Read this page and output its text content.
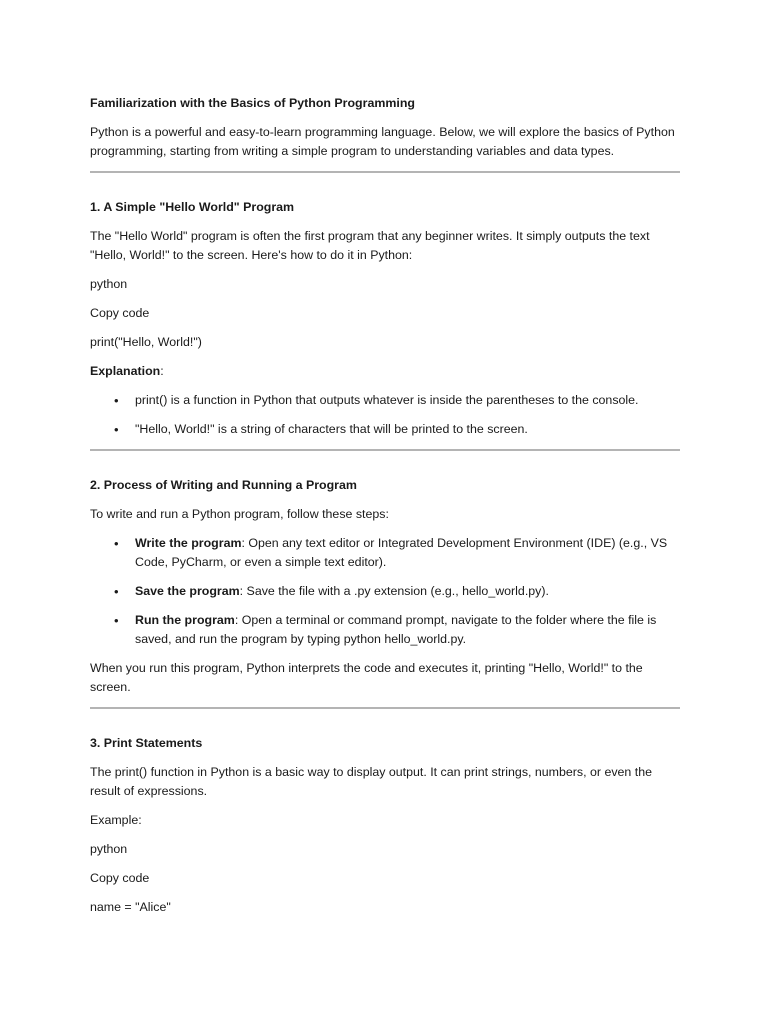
Familiarization with the Basics of Python Programming

Python is a powerful and easy-to-learn programming language. Below, we will explore the basics of Python programming, starting from writing a simple program to understanding variables and data types.

1. A Simple "Hello World" Program

The "Hello World" program is often the first program that any beginner writes. It simply outputs the text "Hello, World!" to the screen. Here's how to do it in Python:

python

Copy code

print("Hello, World!")

Explanation:

• print() is a function in Python that outputs whatever is inside the parentheses to the console.
• "Hello, World!" is a string of characters that will be printed to the screen.
2. Process of Writing and Running a Program

To write and run a Python program, follow these steps:

• Write the program: Open any text editor or Integrated Development Environment (IDE) (e.g., VS Code, PyCharm, or even a simple text editor).
• Save the program: Save the file with a .py extension (e.g., hello_world.py).
• Run the program: Open a terminal or command prompt, navigate to the folder where the file is saved, and run the program by typing python hello_world.py.

When you run this program, Python interprets the code and executes it, printing "Hello, World!" to the screen.

3. Print Statements

The print() function in Python is a basic way to display output. It can print strings, numbers, or even the result of expressions.

Example:

python

Copy code

name = "Alice"
